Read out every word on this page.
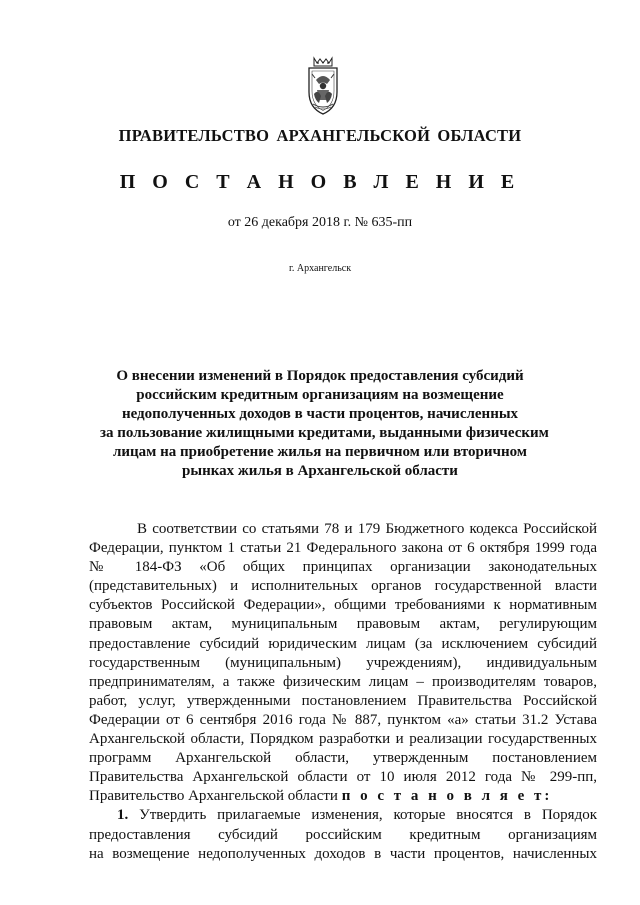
ПРАВИТЕЛЬСТВО АРХАНГЕЛЬСКОЙ ОБЛАСТИ
П О С Т А Н О В Л Е Н И Е
от 26 декабря 2018 г. № 635-пп
г. Архангельск
О внесении изменений в Порядок предоставления субсидий
российским кредитным организациям на возмещение
недополученных доходов в части процентов, начисленных
за пользование жилищными кредитами, выданными физическим
лицам на приобретение жилья на первичном или вторичном
рынках жилья в Архангельской области
В соответствии со статьями 78 и 179 Бюджетного кодекса Российской
Федерации, пунктом 1 статьи 21 Федерального закона от 6 октября 1999 года
№ 184-ФЗ «Об общих принципах организации законодательных
(представительных) и исполнительных органов государственной власти
субъектов Российской Федерации», общими требованиями к нормативным
правовым актам, муниципальным правовым актам, регулирующим
предоставление субсидий юридическим лицам (за исключением субсидий
государственным (муниципальным) учреждениям), индивидуальным
предпринимателям, а также физическим лицам – производителям товаров,
работ, услуг, утвержденными постановлением Правительства Российской
Федерации от 6 сентября 2016 года № 887, пунктом «а» статьи 31.2 Устава
Архангельской области, Порядком разработки и реализации государственных
программ Архангельской области, утвержденным постановлением
Правительства Архангельской области от 10 июля 2012 года № 299-пп,
Правительство Архангельской области п о с т а н о в л я е т:
1. Утвердить прилагаемые изменения, которые вносятся в Порядок
предоставления субсидий российским кредитным организациям
на возмещение недополученных доходов в части процентов, начисленных
